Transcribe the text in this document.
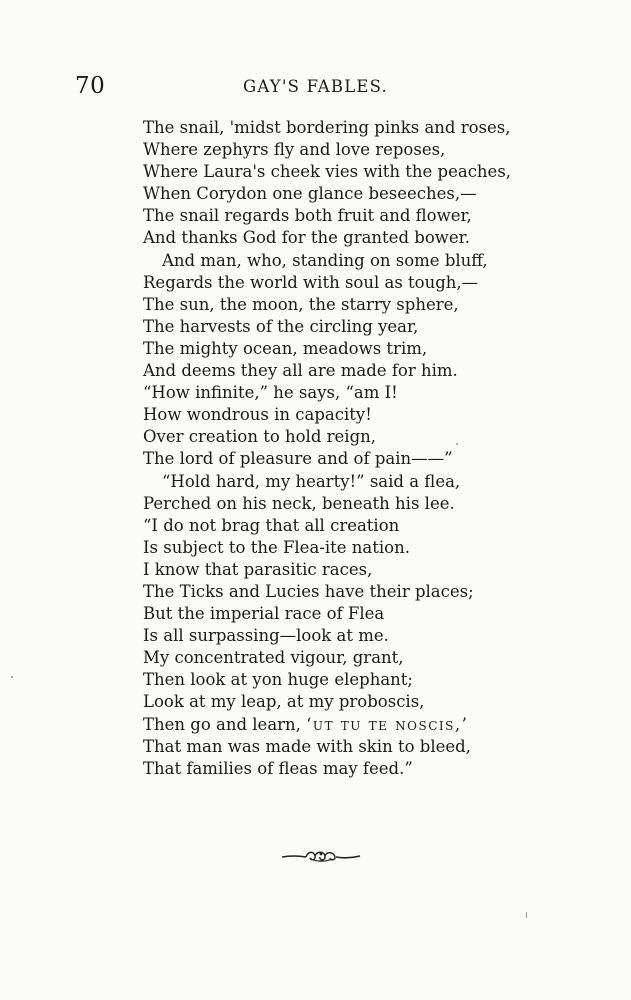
70	GAY'S FABLES.
The snail, 'midst bordering pinks and roses,
Where zephyrs fly and love reposes,
Where Laura's cheek vies with the peaches,
When Corydon one glance beseeches,—
The snail regards both fruit and flower,
And thanks God for the granted bower.
And man, who, standing on some bluff,
Regards the world with soul as tough,—
The sun, the moon, the starry sphere,
The harvests of the circling year,
The mighty ocean, meadows trim,
And deems they all are made for him.
“How infinite,” he says, “am I!
How wondrous in capacity!
Over creation to hold reign,
The lord of pleasure and of pain——”
“Hold hard, my hearty!” said a flea,
Perched on his neck, beneath his lee.
“I do not brag that all creation
Is subject to the Flea-ite nation.
I know that parasitic races,
The Ticks and Lucies have their places;
But the imperial race of Flea
Is all surpassing—look at me.
My concentrated vigour, grant,
Then look at yon huge elephant;
Look at my leap, at my proboscis,
Then go and learn, ‘ut tu te noscis,’
That man was made with skin to bleed,
That families of fleas may feed.”
